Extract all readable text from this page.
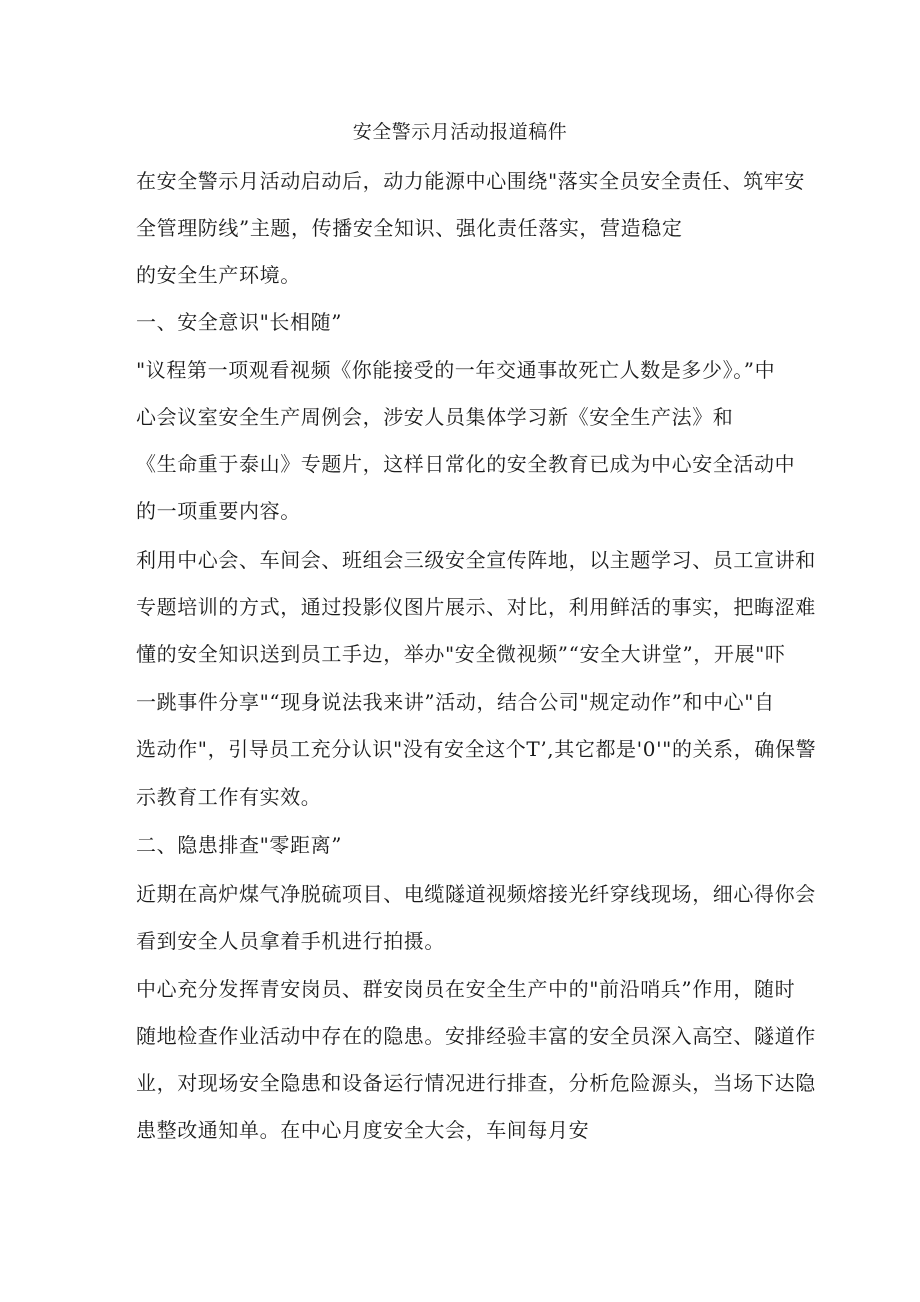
安全警示月活动报道稿件
在安全警示月活动启动后，动力能源中心围绕"落实全员安全责任、筑牢安
全管理防线”主题，传播安全知识、强化责任落实，营造稳定
的安全生产环境。
一、安全意识"长相随”
"议程第一项观看视频《你能接受的一年交通事故死亡人数是多少》。”中
心会议室安全生产周例会，涉安人员集体学习新《安全生产法》和
《生命重于泰山》专题片，这样日常化的安全教育已成为中心安全活动中
的一项重要内容。
利用中心会、车间会、班组会三级安全宣传阵地，以主题学习、员工宣讲和
专题培训的方式，通过投影仪图片展示、对比，利用鲜活的事实，把晦涩难
懂的安全知识送到员工手边，举办"安全微视频”“安全大讲堂”，开展"吓
一跳事件分享"“现身说法我来讲”活动，结合公司"规定动作”和中心"自
选动作"，引导员工充分认识"没有安全这个T’,其它都是'0'"的关系，确保警
示教育工作有实效。
二、隐患排查"零距离”
近期在高炉煤气净脱硫项目、电缆隧道视频熔接光纤穿线现场，细心得你会
看到安全人员拿着手机进行拍摄。
中心充分发挥青安岗员、群安岗员在安全生产中的"前沿哨兵”作用，随时
随地检查作业活动中存在的隐患。安排经验丰富的安全员深入高空、隧道作
业，对现场安全隐患和设备运行情况进行排查，分析危险源头，当场下达隐
患整改通知单。在中心月度安全大会，车间每月安
